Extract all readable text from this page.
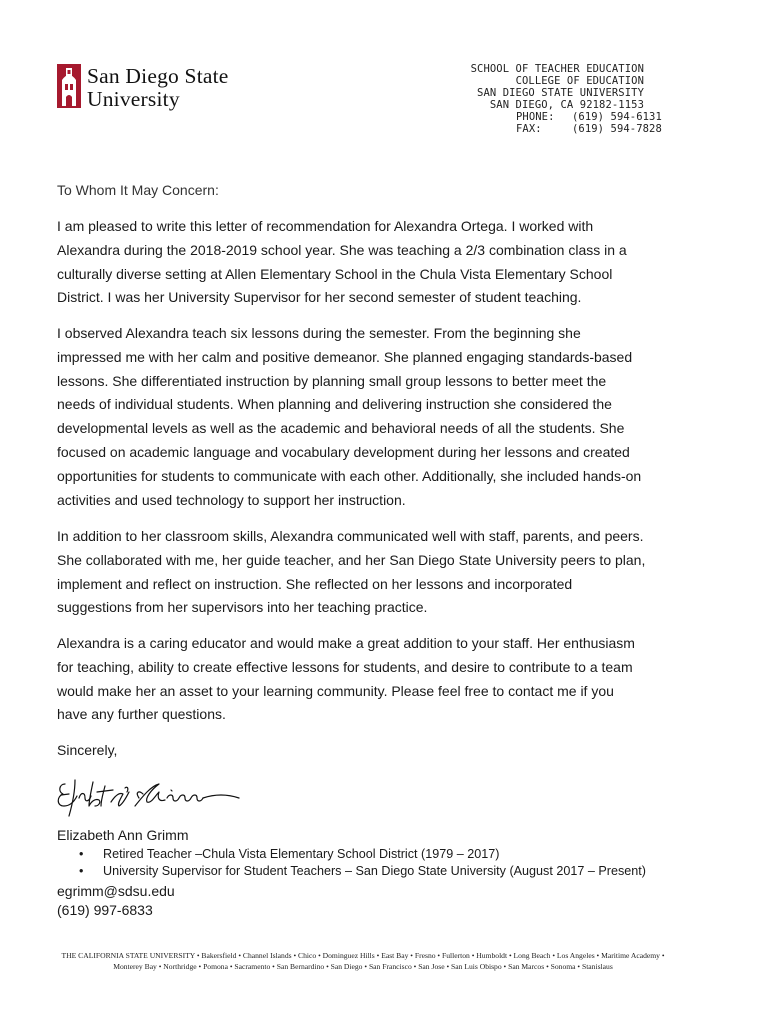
San Diego State
University
SCHOOL OF TEACHER EDUCATION
COLLEGE OF EDUCATION
SAN DIEGO STATE UNIVERSITY
SAN DIEGO, CA 92182-1153
PHONE: (619) 594-6131
FAX:	(619) 594-7828
To Whom It May Concern:
I am pleased to write this letter of recommendation for Alexandra Ortega. I worked with Alexandra during the 2018-2019 school year. She was teaching a 2/3 combination class in a culturally diverse setting at Allen Elementary School in the Chula Vista Elementary School District. I was her University Supervisor for her second semester of student teaching.
I observed Alexandra teach six lessons during the semester. From the beginning she impressed me with her calm and positive demeanor. She planned engaging standards-based lessons. She differentiated instruction by planning small group lessons to better meet the needs of individual students. When planning and delivering instruction she considered the developmental levels as well as the academic and behavioral needs of all the students. She focused on academic language and vocabulary development during her lessons and created opportunities for students to communicate with each other. Additionally, she included hands-on activities and used technology to support her instruction.
In addition to her classroom skills, Alexandra communicated well with staff, parents, and peers. She collaborated with me, her guide teacher, and her San Diego State University peers to plan, implement and reflect on instruction. She reflected on her lessons and incorporated suggestions from her supervisors into her teaching practice.
Alexandra is a caring educator and would make a great addition to your staff. Her enthusiasm for teaching, ability to create effective lessons for students, and desire to contribute to a team would make her an asset to your learning community. Please feel free to contact me if you have any further questions.
Sincerely,
Elizabeth Ann Grimm
• Retired Teacher –Chula Vista Elementary School District (1979 – 2017)
• University Supervisor for Student Teachers – San Diego State University (August 2017 – Present)
egrimm@sdsu.edu
(619) 997-6833
THE CALIFORNIA STATE UNIVERSITY • Bakersfield • Channel Islands • Chico • Dominguez Hills • East Bay • Fresno • Fullerton • Humboldt • Long Beach • Los Angeles • Maritime Academy • Monterey Bay • Northridge • Pomona • Sacramento • San Bernardino • San Diego • San Francisco • San Jose • San Luis Obispo • San Marcos • Sonoma • Stanislaus
